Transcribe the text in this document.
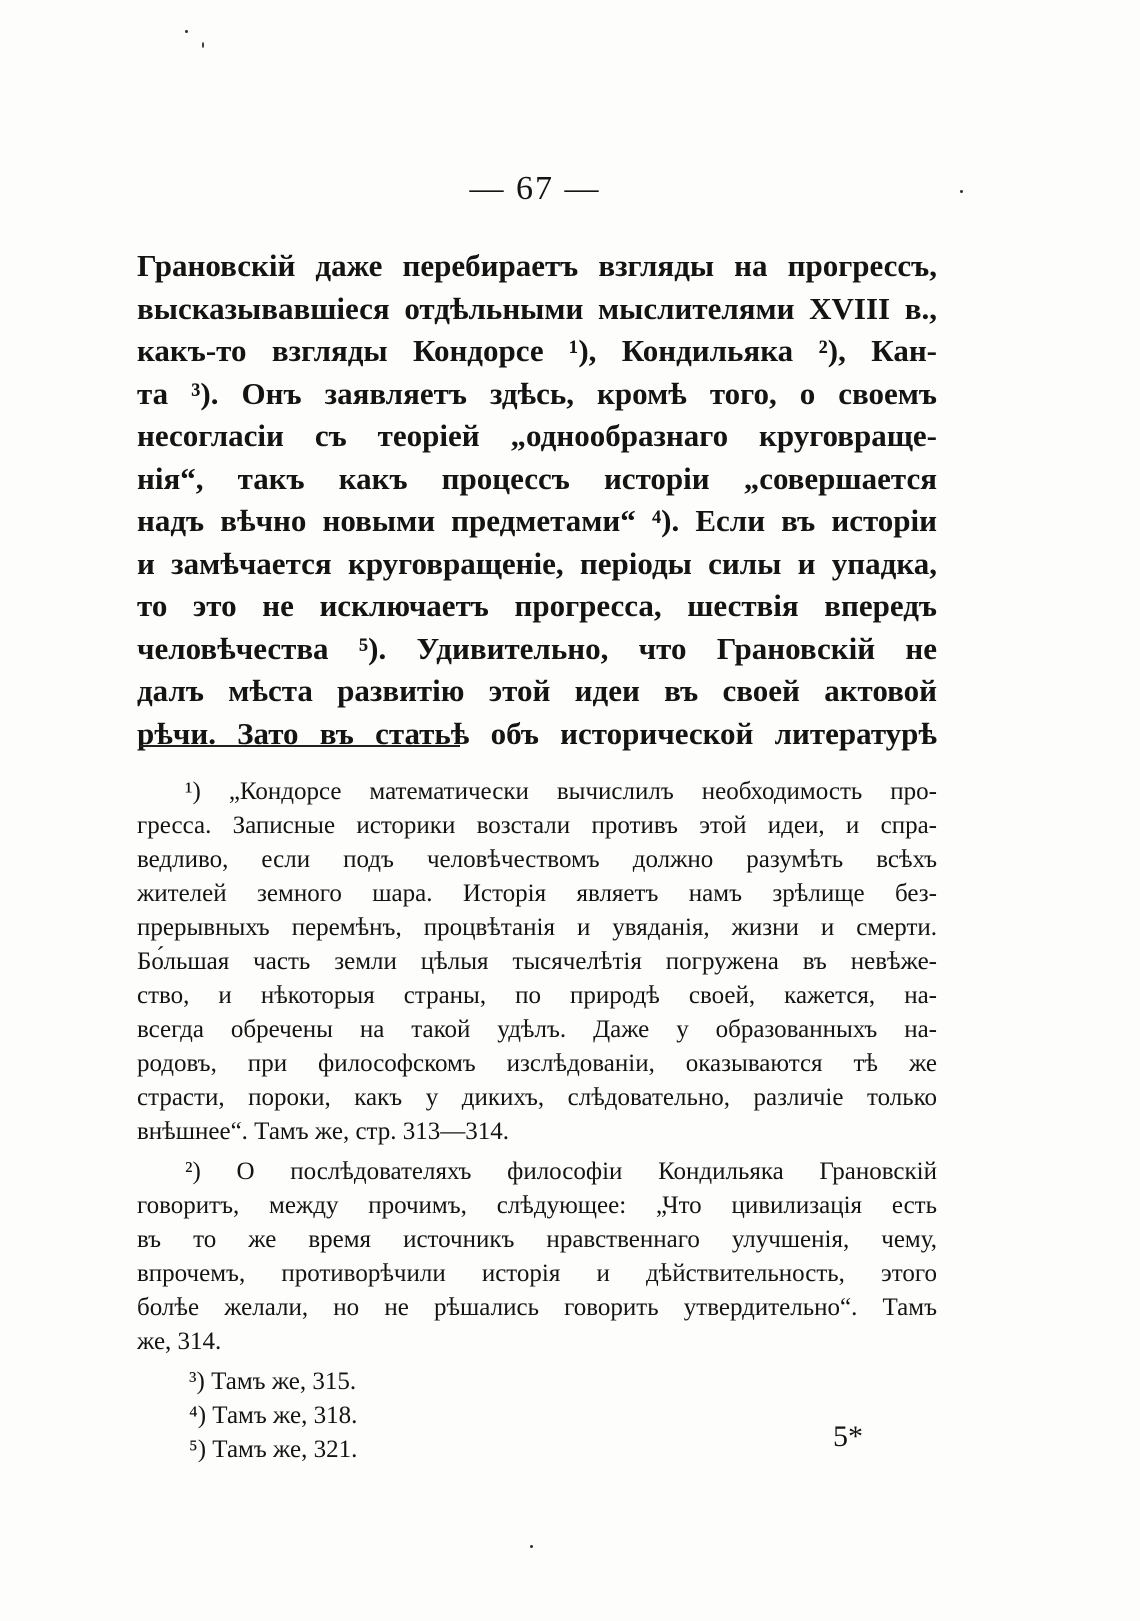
— 67 —
Грановскій даже перебираетъ взгляды на прогрессъ,
высказывавшіеся отдѣльными мыслителями XVIII в.,
какъ-то взгляды Кондорсе ¹), Кондильяка ²), Кан-
та ³). Онъ заявляетъ здѣсь, кромѣ того, о своемъ
несогласіи съ теоріей „однообразнаго круговраще-
нія“, такъ какъ процессъ исторіи „совершается
надъ вѣчно новыми предметами“ ⁴). Если въ исторіи
и замѣчается круговращеніе, періоды силы и упадка,
то это не исключаетъ прогресса, шествія впередъ
человѣчества ⁵). Удивительно, что Грановскій не
далъ мѣста развитію этой идеи въ своей актовой
рѣчи. Зато въ статьѣ объ исторической литературѣ
¹) „Кондорсе математически вычислилъ необходимость про-
гресса. Записные историки возстали противъ этой идеи, и спра-
ведливо, если подъ человѣчествомъ должно разумѣть всѣхъ
жителей земного шара. Исторія являетъ намъ зрѣлище без-
прерывныхъ перемѣнъ, процвѣтанія и увяданія, жизни и смерти.
Бо́льшая часть земли цѣлыя тысячелѣтія погружена въ невѣже-
ство, и нѣкоторыя страны, по природѣ своей, кажется, на-
всегда обречены на такой удѣлъ. Даже у образованныхъ на-
родовъ, при философскомъ изслѣдованіи, оказываются тѣ же
страсти, пороки, какъ у дикихъ, слѣдовательно, различіе только
внѣшнее“. Тамъ же, стр. 313—314.
²) О послѣдователяхъ философіи Кондильяка Грановскій
говоритъ, между прочимъ, слѣдующее: „Что цивилизація есть
въ то же время источникъ нравственнаго улучшенія, чему,
впрочемъ, противорѣчили исторія и дѣйствительность, этого
болѣе желали, но не рѣшались говорить утвердительно“. Тамъ
же, 314.
³) Тамъ же, 315.
⁴) Тамъ же, 318.
⁵) Тамъ же, 321.	5*
